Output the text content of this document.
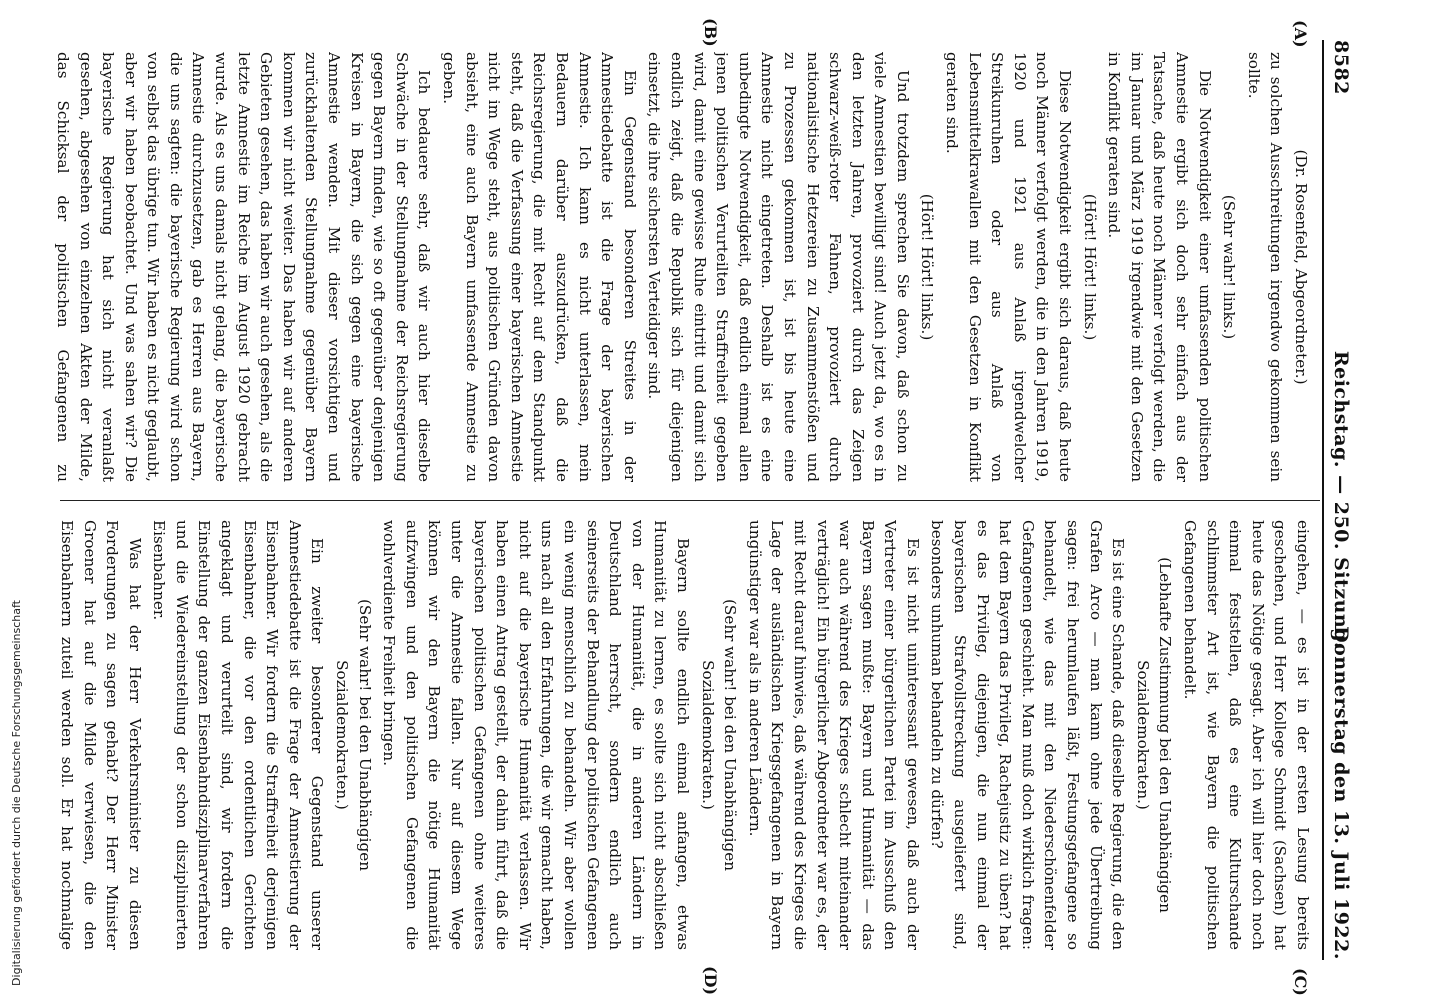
8582
Reichstag. — 250. Sitzung.
Donnerstag den 13. Juli 1922.
(A)
(B)
(C)
(D)

(Dr. Rosenfeld, Abgeordneter.)

zu solchen Ausschreitungen irgendwo gekommen sein sollte.

(Sehr wahr! links.)

Die Notwendigkeit einer umfassenden politischen Amnestie ergibt sich doch sehr einfach aus der Tatsache, daß heute noch Männer verfolgt werden, die im Januar und März 1919 irgendwie mit den Gesetzen in Konflikt geraten sind.

(Hört! Hört! links.)

Diese Notwendigkeit ergibt sich daraus, daß heute noch Männer verfolgt werden, die in den Jahren 1919, 1920 und 1921 aus Anlaß irgendwelcher Streikunruhen oder aus Anlaß von Lebensmittelkrawallen mit den Gesetzen in Konflikt geraten sind.

(Hört! Hört! links.)

Und trotzdem sprechen Sie davon, daß schon zu viele Amnestien bewilligt sind! Auch jetzt da, wo es in den letzten Jahren, provoziert durch das Zeigen schwarz-weiß-roter Fahnen, provoziert durch nationalistische Hetzereien zu Zusammenstößen und zu Prozessen gekommen ist, ist bis heute eine Amnestie nicht eingetreten. Deshalb ist es eine unbedingte Notwendigkeit, daß endlich einmal allen jenen politischen Verurteilten Straffreiheit gegeben wird, damit eine gewisse Ruhe eintritt und damit sich endlich zeigt, daß die Republik sich für diejenigen einsetzt, die ihre sichersten Verteidiger sind.

Ein Gegenstand besonderen Streites in der Amnestiedebatte ist die Frage der bayerischen Amnestie. Ich kann es nicht unterlassen, mein Bedauern darüber auszudrücken, daß die Reichsregierung, die mit Recht auf dem Standpunkt steht, daß die Verfassung einer bayerischen Amnestie nicht im Wege steht, aus politischen Gründen davon absieht, eine auch Bayern umfassende Amnestie zu geben.

Ich bedauere sehr, daß wir auch hier dieselbe Schwäche in der Stellungnahme der Reichsregierung gegen Bayern finden, wie so oft gegenüber denjenigen Kreisen in Bayern, die sich gegen eine bayerische Amnestie wenden. Mit dieser vorsichtigen und zurückhaltenden Stellungnahme gegenüber Bayern kommen wir nicht weiter. Das haben wir auf anderen Gebieten gesehen, das haben wir auch gesehen, als die letzte Amnestie im Reiche im August 1920 gebracht wurde. Als es uns damals nicht gelang, die bayerische Amnestie durchzusetzen, gab es Herren aus Bayern, die uns sagten: die bayerische Regierung wird schon von selbst das übrige tun. Wir haben es nicht geglaubt, aber wir haben beobachtet. Und was sahen wir? Die bayerische Regierung hat sich nicht veranlaßt gesehen, abgesehen von einzelnen Akten der Milde, das Schicksal der politischen Gefangenen zu

eingehen, — es ist in der ersten Lesung bereits geschehen, und Herr Kollege Schmidt (Sachsen) hat heute das Nötige gesagt. Aber ich will hier doch noch einmal feststellen, daß es eine Kulturschande schlimmster Art ist, wie Bayern die politischen Gefangenen behandelt.

(Lebhafte Zustimmung bei den Unabhängigen Sozialdemokraten.)

Es ist eine Schande, daß dieselbe Regierung, die den Grafen Arco — man kann ohne jede Übertreibung sagen: frei herumlaufen läßt, Festungsgefangene so behandelt, wie das mit den Niederschönenfelder Gefangenen geschieht. Man muß doch wirklich fragen: hat dem Bayern das Privileg, Rachejustiz zu üben? hat es das Privileg, diejenigen, die nun einmal der bayerischen Strafvollstreckung ausgeliefert sind, besonders unhuman behandeln zu dürfen?

Es ist nicht uninteressant gewesen, daß auch der Vertreter einer bürgerlichen Partei im Ausschuß den Bayern sagen mußte: Bayern und Humanität — das war auch während des Krieges schlecht miteinander verträglich! Ein bürgerlicher Abgeordneter war es, der mit Recht darauf hinwies, daß während des Krieges die Lage der ausländischen Kriegsgefangenen in Bayern ungünstiger war als in anderen Ländern.

(Sehr wahr! bei den Unabhängigen Sozialdemokraten.)

Bayern sollte endlich einmal anfangen, etwas Humanität zu lernen, es sollte sich nicht abschließen von der Humanität, die in anderen Ländern in Deutschland herrscht, sondern endlich auch seinerseits der Behandlung der politischen Gefangenen ein wenig menschlich zu behandeln. Wir aber wollen uns nach all den Erfahrungen, die wir gemacht haben, nicht auf die bayerische Humanität verlassen. Wir haben einen Antrag gestellt, der dahin führt, daß die bayerischen politischen Gefangenen ohne weiteres unter die Amnestie fallen. Nur auf diesem Wege können wir den Bayern die nötige Humanität aufzwingen und den politischen Gefangenen die wohlverdiente Freiheit bringen.

(Sehr wahr! bei den Unabhängigen Sozialdemokraten.)

Ein zweiter besonderer Gegenstand unserer Amnestiedebatte ist die Frage der Amnestierung der Eisenbahner. Wir fordern die Straffreiheit derjenigen Eisenbahner, die vor den ordentlichen Gerichten angeklagt und verurteilt sind, wir fordern die Einstellung der ganzen Eisenbahndisziplinarverfahren und die Wiedereinstellung der schon disziplinierten Eisenbahner.

Was hat der Herr Verkehrsminister zu diesen Forderungen zu sagen gehabt? Der Herr Minister Groener hat auf die Milde verwiesen, die den Eisenbahnern zuteil werden soll. Er hat nochmalige

Digitalisierung gefördert durch die Deutsche Forschungsgemeinschaft
